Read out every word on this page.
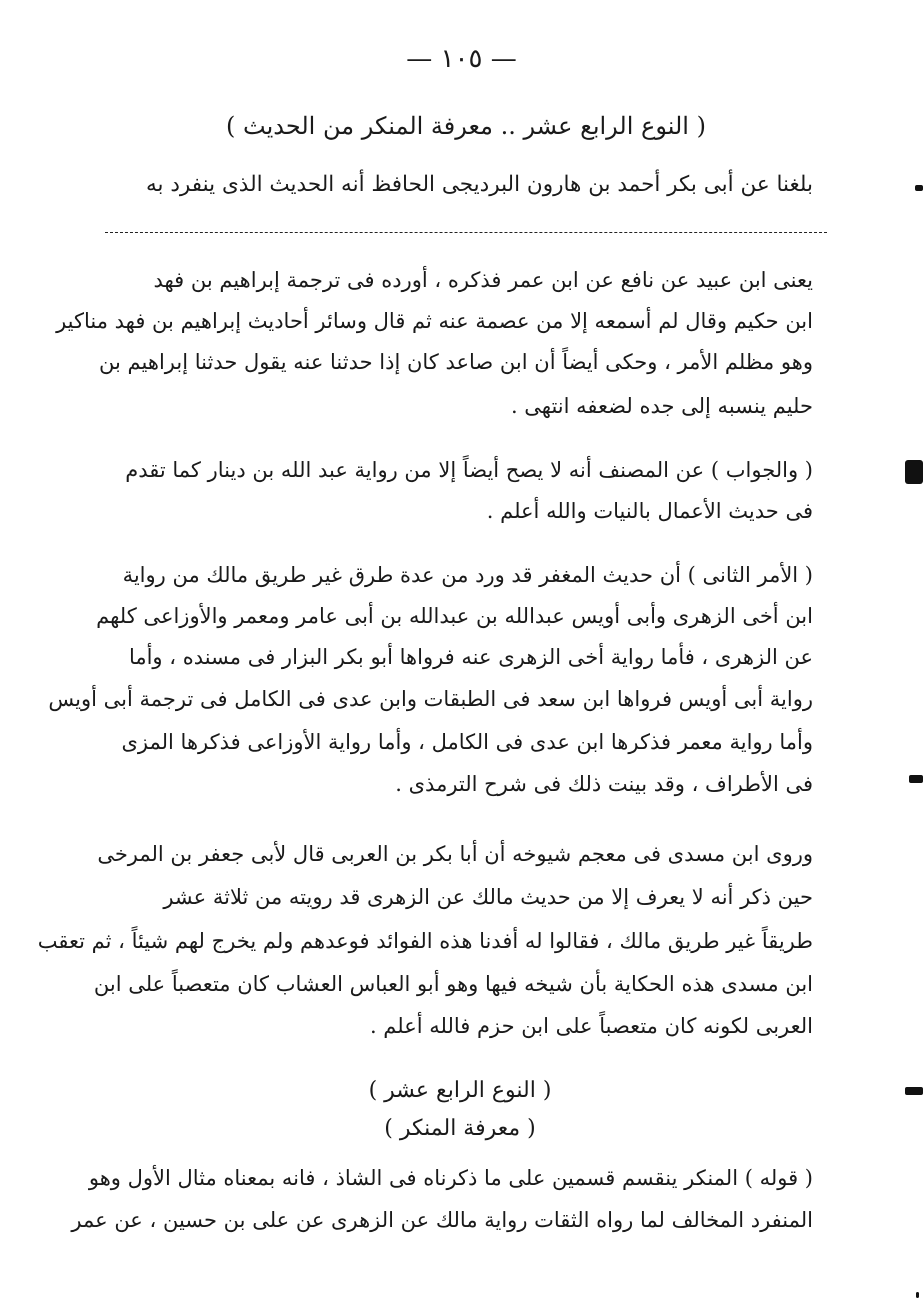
— ١٠٥ —
( النوع الرابع عشر .. معرفة المنكر من الحديث )
بلغنا عن أبى بكر أحمد بن هارون البرديجى الحافظ أنه الحديث الذى ينفرد به
يعنى ابن عبيد عن نافع عن ابن عمر فذكره ، أورده فى ترجمة إبراهيم بن فهد
ابن حكيم وقال لم أسمعه إلا من عصمة عنه ثم قال وسائر أحاديث إبراهيم بن فهد مناكير
وهو مظلم الأمر ، وحكى أيضاً أن ابن صاعد كان إذا حدثنا عنه يقول حدثنا إبراهيم بن
حليم ينسبه إلى جده لضعفه انتهى .
( والجواب ) عن المصنف أنه لا يصح أيضاً إلا من رواية عبد الله بن دينار كما تقدم
فى حديث الأعمال بالنيات والله أعلم .
( الأمر الثانى ) أن حديث المغفر قد ورد من عدة طرق غير طريق مالك من رواية
ابن أخى الزهرى وأبى أويس عبدالله بن عبدالله بن أبى عامر ومعمر والأوزاعى كلهم
عن الزهرى ، فأما رواية أخى الزهرى عنه فرواها أبو بكر البزار فى مسنده ، وأما
رواية أبى أويس فرواها ابن سعد فى الطبقات وابن عدى فى الكامل فى ترجمة أبى أويس
وأما رواية معمر فذكرها ابن عدى فى الكامل ، وأما رواية الأوزاعى فذكرها المزى
فى الأطراف ، وقد بينت ذلك فى شرح الترمذى .
وروى ابن مسدى فى معجم شيوخه أن أبا بكر بن العربى قال لأبى جعفر بن المرخى
حين ذكر أنه لا يعرف إلا من حديث مالك عن الزهرى قد رويته من ثلاثة عشر
طريقاً غير طريق مالك ، فقالوا له أفدنا هذه الفوائد فوعدهم ولم يخرج لهم شيئاً ، ثم تعقب
ابن مسدى هذه الحكاية بأن شيخه فيها وهو أبو العباس العشاب كان متعصباً على ابن
العربى لكونه كان متعصباً على ابن حزم فالله أعلم .
( النوع الرابع عشر )
( معرفة المنكر )
( قوله ) المنكر ينقسم قسمين على ما ذكرناه فى الشاذ ، فانه بمعناه مثال الأول وهو
المنفرد المخالف لما رواه الثقات رواية مالك عن الزهرى عن على بن حسين ، عن عمر
